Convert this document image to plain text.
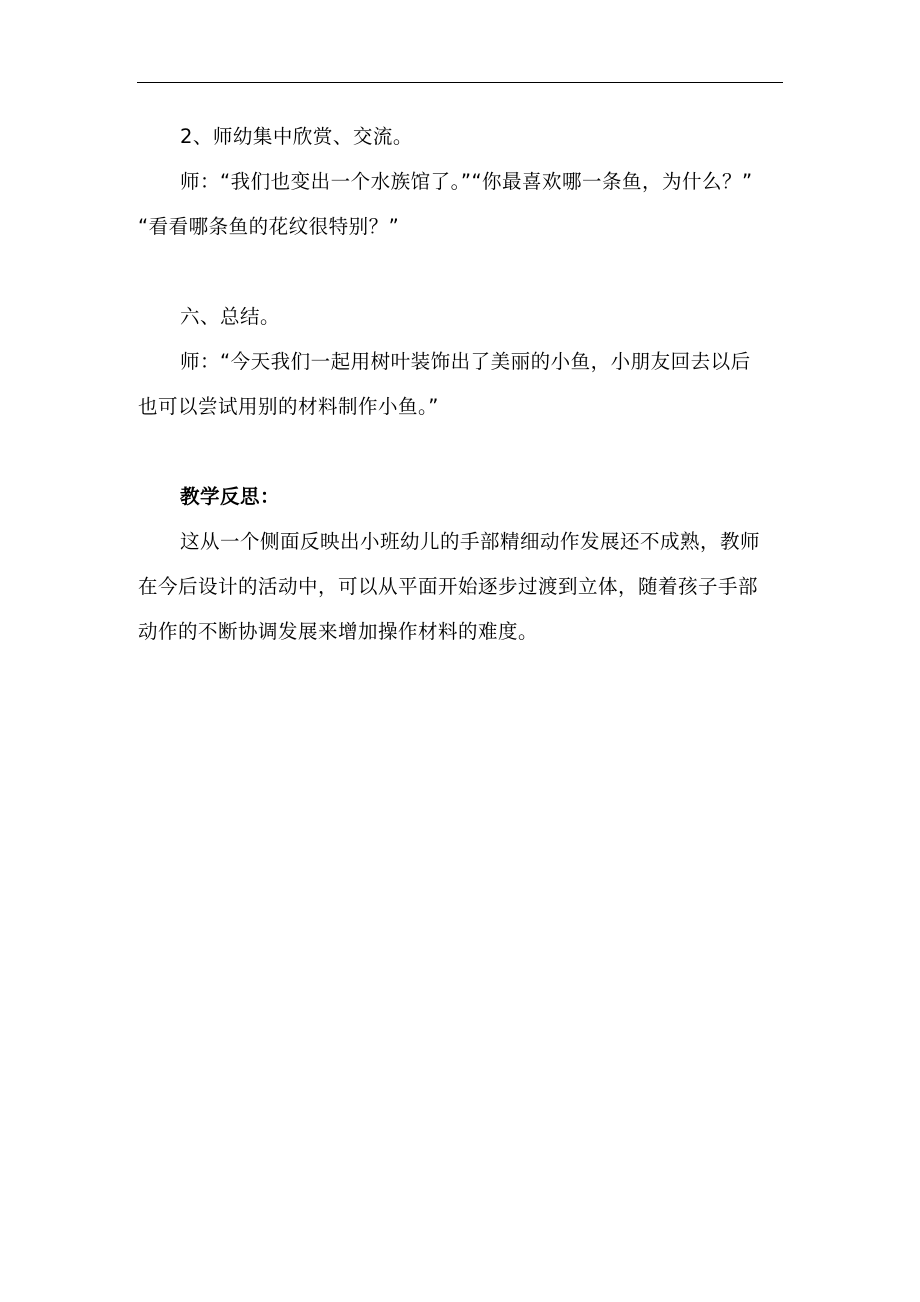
2、师幼集中欣赏、交流。

师：“我们也变出一个水族馆了。”“你最喜欢哪一条鱼，为什么？”

“看看哪条鱼的花纹很特别？”

六、总结。

师：“今天我们一起用树叶装饰出了美丽的小鱼，小朋友回去以后

也可以尝试用别的材料制作小鱼。”

教学反思：

这从一个侧面反映出小班幼儿的手部精细动作发展还不成熟，教师

在今后设计的活动中，可以从平面开始逐步过渡到立体，随着孩子手部

动作的不断协调发展来增加操作材料的难度。
